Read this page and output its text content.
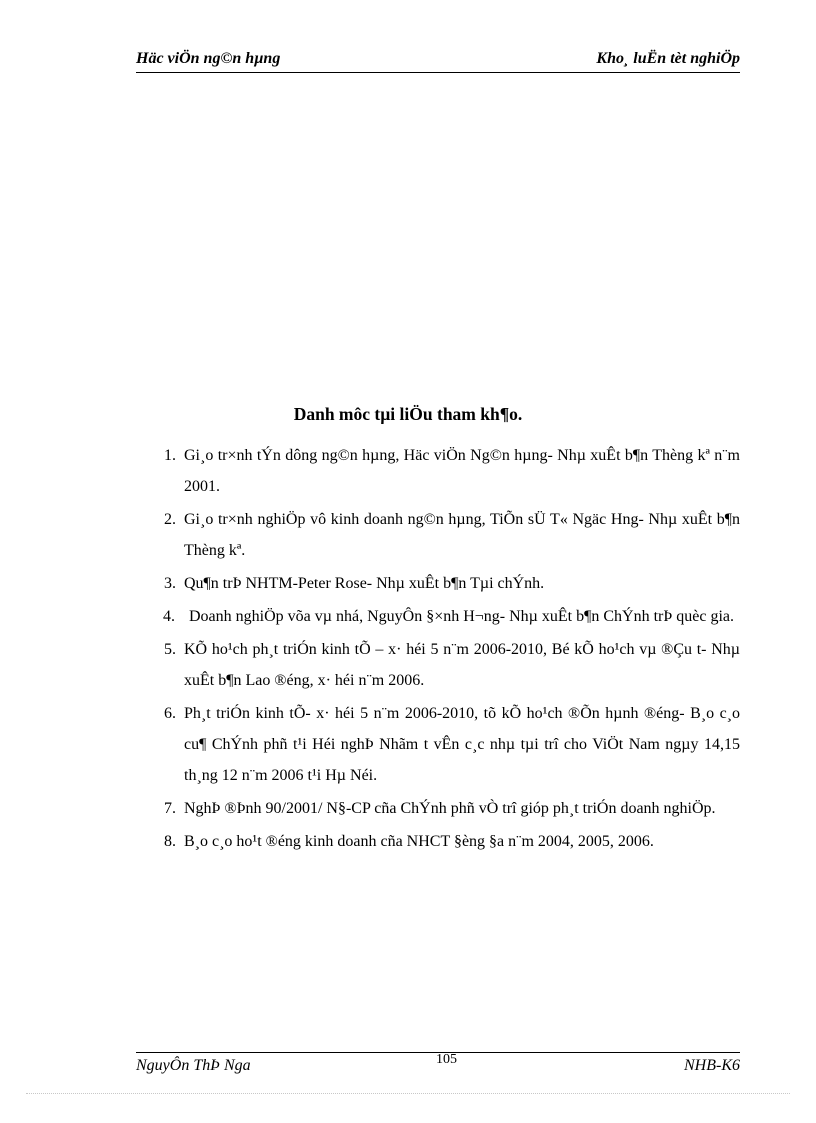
Häc viÖn ng©n hµng	Kho¸ luËn tèt nghiÖp
Danh môc tµi liÖu tham kh¶o.
1. Gi¸o tr×nh tÝn dông ng©n hµng, Häc viÖn Ng©n hµng- Nhµ xuÊt b¶n Thèng kª n¨m 2001.
2. Gi¸o tr×nh nghiÖp vô kinh doanh ng©n hµng, TiÕn sÜ T« Ngäc Hng- Nhµ xuÊt b¶n Thèng kª.
3. Qu¶n trÞ NHTM-Peter Rose- Nhµ xuÊt b¶n Tµi chÝnh.
4. Doanh nghiÖp võa vµ nhá, NguyÔn §×nh H¬ng- Nhµ xuÊt b¶n ChÝnh trÞ quèc gia.
5. KÕ ho¹ch ph¸t triÓn kinh tÕ – x· héi 5 n¨m 2006-2010, Bé kÕ ho¹ch vµ ®Çu t- Nhµ xuÊt b¶n Lao ®éng, x· héi n¨m 2006.
6. Ph¸t triÓn kinh tÕ- x· héi 5 n¨m 2006-2010, tõ kÕ ho¹ch ®Õn hµnh ®éng- B¸o c¸o cu¶ ChÝnh phñ t¹i Héi nghÞ Nhãm t vÊn c¸c nhµ tµi trî cho ViÖt Nam ngµy 14,15 th¸ng 12 n¨m 2006 t¹i Hµ Néi.
7. NghÞ ®Þnh 90/2001/ N§-CP cña ChÝnh phñ vÒ trî gióp ph¸t triÓn doanh nghiÖp.
8. B¸o c¸o ho¹t ®éng kinh doanh cña NHCT §èng §a n¨m 2004, 2005, 2006.
NguyÔn ThÞ Nga	105	NHB-K6
